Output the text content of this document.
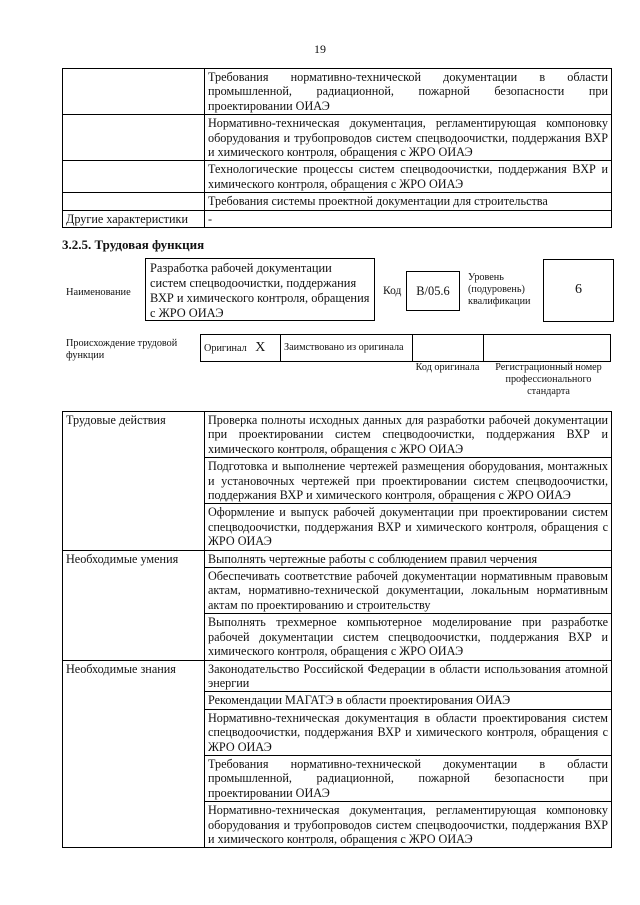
19
	Требования нормативно-технической документации в области промышленной, радиационной, пожарной безопасности при проектировании ОИАЭ
	Нормативно-техническая документация, регламентирующая компоновку оборудования и трубопроводов систем спецводоочистки, поддержания ВХР и химического контроля, обращения с ЖРО ОИАЭ
	Технологические процессы систем спецводоочистки, поддержания ВХР и химического контроля, обращения с ЖРО ОИАЭ
	Требования системы проектной документации для строительства
Другие характеристики	-
3.2.5. Трудовая функция
Наименование
Разработка рабочей документации систем спецводоочистки, поддержания ВХР и химического контроля, обращения с ЖРО ОИАЭ
Код	B/05.6
Уровень (подуровень) квалификации
6
Происхождение трудовой функции
Оригинал X	Заимствовано из оригинала		
Код оригинала	Регистрационный номер профессионального стандарта
Трудовые действия	Проверка полноты исходных данных для разработки рабочей документации при проектировании систем спецводоочистки, поддержания ВХР и химического контроля, обращения с ЖРО ОИАЭ
	Подготовка и выполнение чертежей размещения оборудования, монтажных и установочных чертежей при проектировании систем спецводоочистки, поддержания ВХР и химического контроля, обращения с ЖРО ОИАЭ
	Оформление и выпуск рабочей документации при проектировании систем спецводоочистки, поддержания ВХР и химического контроля, обращения с ЖРО ОИАЭ
Необходимые умения	Выполнять чертежные работы с соблюдением правил черчения
	Обеспечивать соответствие рабочей документации нормативным правовым актам, нормативно-технической документации, локальным нормативным актам по проектированию и строительству
	Выполнять трехмерное компьютерное моделирование при разработке рабочей документации систем спецводоочистки, поддержания ВХР и химического контроля, обращения с ЖРО ОИАЭ
Необходимые знания	Законодательство Российской Федерации в области использования атомной энергии
	Рекомендации МАГАТЭ в области проектирования ОИАЭ
	Нормативно-техническая документация в области проектирования систем спецводоочистки, поддержания ВХР и химического контроля, обращения с ЖРО ОИАЭ
	Требования нормативно-технической документации в области промышленной, радиационной, пожарной безопасности при проектировании ОИАЭ
	Нормативно-техническая документация, регламентирующая компоновку оборудования и трубопроводов систем спецводоочистки, поддержания ВХР и химического контроля, обращения с ЖРО ОИАЭ
